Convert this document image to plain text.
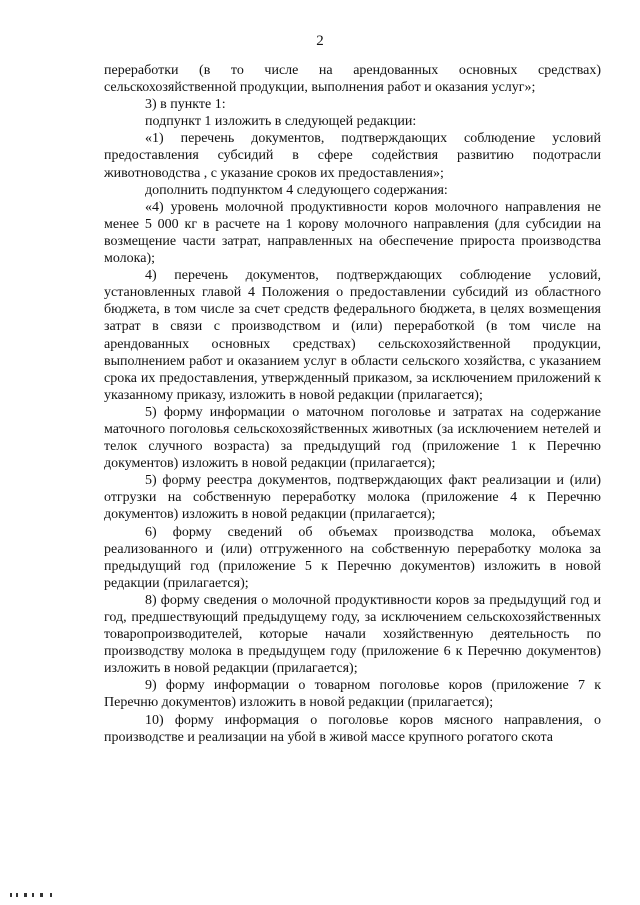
2

переработки (в то числе на арендованных основных средствах) сельскохозяйственной продукции, выполнения работ и оказания услуг»;

3) в пункте 1:

подпункт 1 изложить в следующей редакции:

«1) перечень документов, подтверждающих соблюдение условий предоставления субсидий в сфере содействия развитию подотрасли животноводства , с указание сроков их предоставления»;

дополнить подпунктом 4 следующего содержания:

«4) уровень молочной продуктивности коров молочного направления не менее 5 000 кг в расчете на 1 корову молочного направления (для субсидии на возмещение части затрат, направленных на обеспечение прироста производства молока);

4) перечень документов, подтверждающих соблюдение условий, установленных главой 4 Положения о предоставлении субсидий из областного бюджета, в том числе за счет средств федерального бюджета, в целях возмещения затрат в связи с производством и (или) переработкой (в том числе на арендованных основных средствах) сельскохозяйственной продукции, выполнением работ и оказанием услуг в области сельского хозяйства, с указанием срока их предоставления, утвержденный приказом, за исключением приложений к указанному приказу, изложить в новой редакции (прилагается);

5) форму информации о маточном поголовье и затратах на содержание маточного поголовья сельскохозяйственных животных (за исключением нетелей и телок случного возраста) за предыдущий год (приложение 1 к Перечню документов) изложить в новой редакции (прилагается);

5) форму реестра документов, подтверждающих факт реализации и (или) отгрузки на собственную переработку молока (приложение 4 к Перечню документов) изложить в новой редакции (прилагается);

6) форму сведений об объемах производства молока, объемах реализованного и (или) отгруженного на собственную переработку молока за предыдущий год (приложение 5 к Перечню документов) изложить в новой редакции (прилагается);

8) форму сведения о молочной продуктивности коров за предыдущий год и год, предшествующий предыдущему году, за исключением сельскохозяйственных товаропроизводителей, которые начали хозяйственную деятельность по производству молока в предыдущем году (приложение 6 к Перечню документов) изложить в новой редакции (прилагается);

9) форму информации о товарном поголовье коров (приложение 7 к Перечню документов) изложить в новой редакции (прилагается);

10) форму информация о поголовье коров мясного направления, о производстве и реализации на убой в живой массе крупного рогатого скота
